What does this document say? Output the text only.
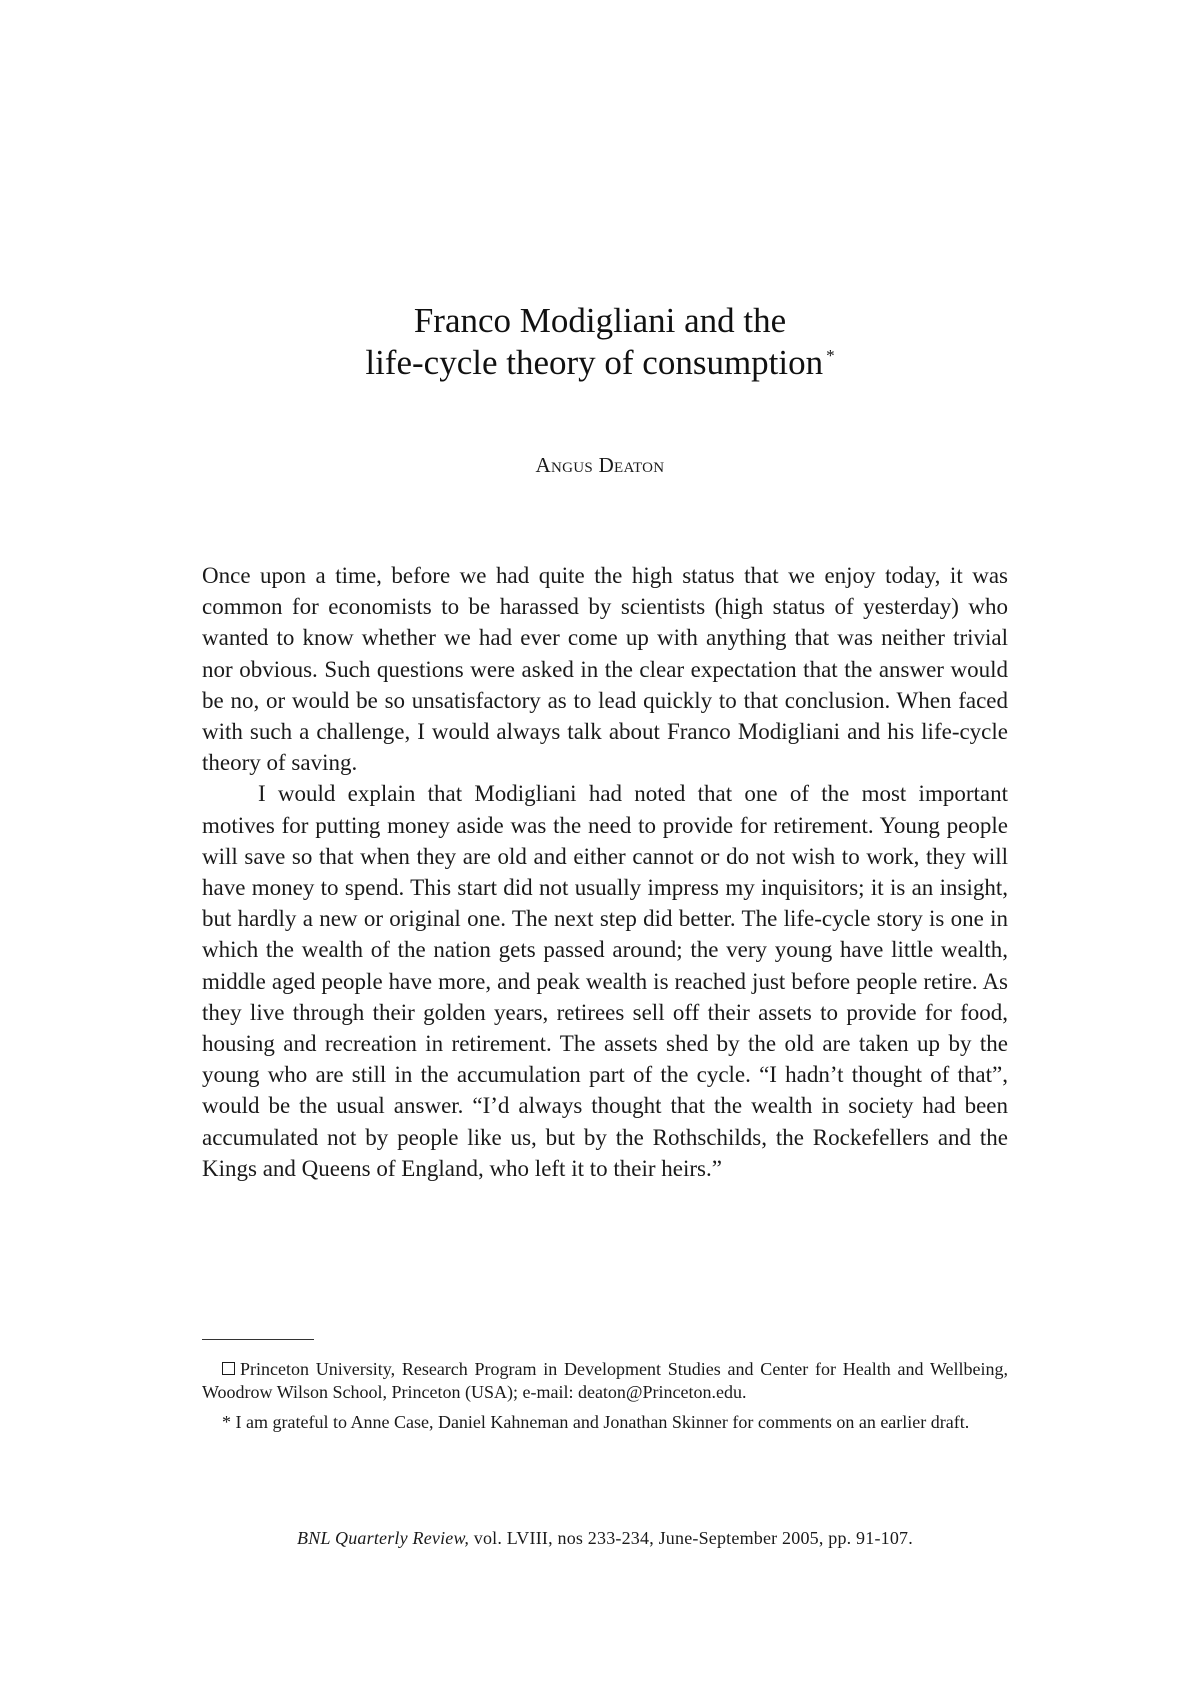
Franco Modigliani and the
life-cycle theory of consumption *
Angus Deaton

Once upon a time, before we had quite the high status that we enjoy today, it was common for economists to be harassed by scientists (high status of yesterday) who wanted to know whether we had ever come up with anything that was neither trivial nor obvious. Such questions were asked in the clear expectation that the answer would be no, or would be so unsatisfactory as to lead quickly to that conclusion. When faced with such a challenge, I would always talk about Franco Modigliani and his life-cycle theory of saving.

I would explain that Modigliani had noted that one of the most important motives for putting money aside was the need to provide for retirement. Young people will save so that when they are old and either cannot or do not wish to work, they will have money to spend. This start did not usually impress my inquisitors; it is an insight, but hardly a new or original one. The next step did better. The life-cycle story is one in which the wealth of the nation gets passed around; the very young have little wealth, middle aged people have more, and peak wealth is reached just before people retire. As they live through their golden years, retirees sell off their assets to provide for food, housing and recreation in retirement. The assets shed by the old are taken up by the young who are still in the accumulation part of the cycle. “I hadn’t thought of that”, would be the usual answer. “I’d always thought that the wealth in society had been accumulated not by people like us, but by the Rothschilds, the Rockefellers and the Kings and Queens of England, who left it to their heirs.”

Princeton University, Research Program in Development Studies and Center for Health and Wellbeing, Woodrow Wilson School, Princeton (USA); e-mail: deaton@Princeton.edu.

* I am grateful to Anne Case, Daniel Kahneman and Jonathan Skinner for comments on an earlier draft.

BNL Quarterly Review, vol. LVIII, nos 233-234, June-September 2005, pp. 91-107.
